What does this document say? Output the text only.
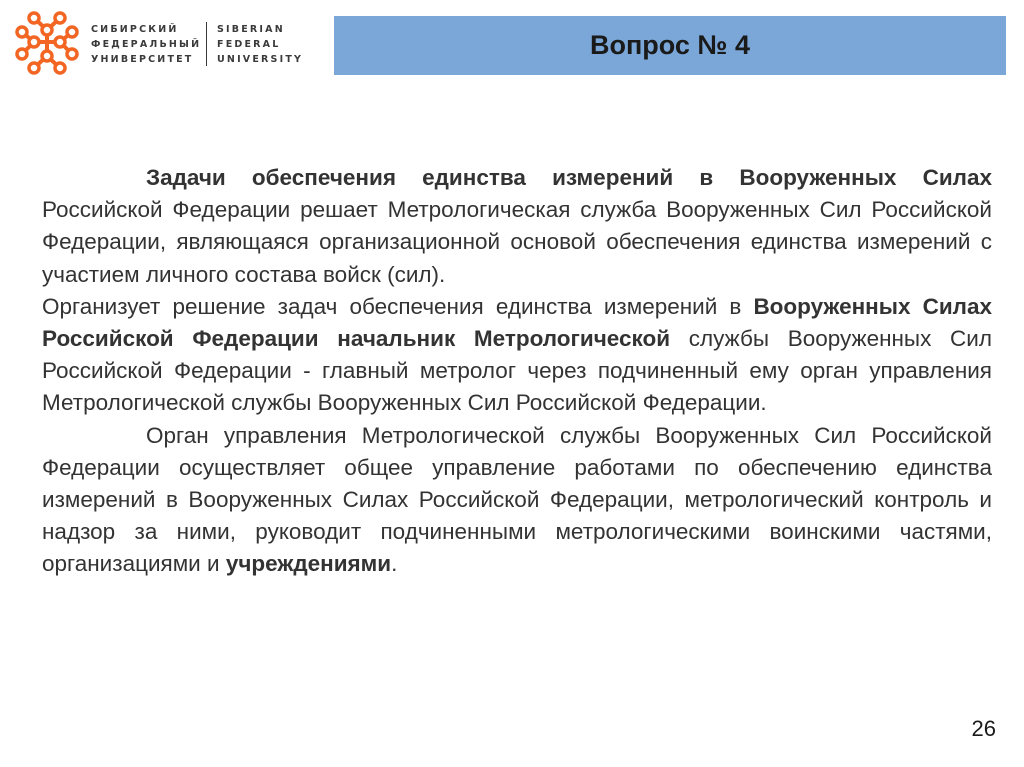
СИБИРСКИЙ
ФЕДЕРАЛЬНЫЙ
УНИВЕРСИТЕТ
SIBERIAN
FEDERAL
UNIVERSITY	Вопрос № 4

Задачи обеспечения единства измерений в Вооруженных Силах Российской Федерации решает Метрологическая служба Вооруженных Сил Российской Федерации, являющаяся организационной основой обеспечения единства измерений с участием личного состава войск (сил).

Организует решение задач обеспечения единства измерений в Вооруженных Силах Российской Федерации начальник Метрологической службы Вооруженных Сил Российской Федерации - главный метролог через подчиненный ему орган управления Метрологической службы Вооруженных Сил Российской Федерации.

Орган управления Метрологической службы Вооруженных Сил Российской Федерации осуществляет общее управление работами по обеспечению единства измерений в Вооруженных Силах Российской Федерации, метрологический контроль и надзор за ними, руководит подчиненными метрологическими воинскими частями, организациями и учреждениями.

26
